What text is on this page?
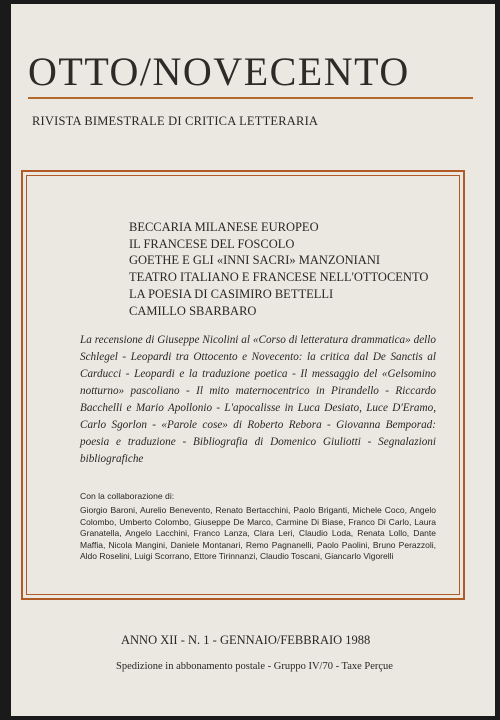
OTTO/NOVECENTO
RIVISTA BIMESTRALE DI CRITICA LETTERARIA
BECCARIA MILANESE EUROPEO
IL FRANCESE DEL FOSCOLO
GOETHE E GLI «INNI SACRI» MANZONIANI
TEATRO ITALIANO E FRANCESE NELL'OTTOCENTO
LA POESIA DI CASIMIRO BETTELLI
CAMILLO SBARBARO
La recensione di Giuseppe Nicolini al «Corso di letteratura drammatica» dello Schlegel - Leopardi tra Ottocento e Novecento: la critica dal De Sanctis al Carducci - Leopardi e la traduzione poetica - Il messaggio del «Gelsomino notturno» pascoliano - Il mito maternocentrico in Pirandello - Riccardo Bacchelli e Mario Apollonio - L'apocalisse in Luca Desiato, Luce D'Eramo, Carlo Sgorlon - «Parole cose» di Roberto Rebora - Giovanna Bemporad: poesia e traduzione - Bibliografia di Domenico Giuliotti - Segnalazioni bibliografiche
Con la collaborazione di:
Giorgio Baroni, Aurelio Benevento, Renato Bertacchini, Paolo Briganti, Michele Coco, Angelo Colombo, Umberto Colombo, Giuseppe De Marco, Carmine Di Biase, Franco Di Carlo, Laura Granatella, Angelo Lacchini, Franco Lanza, Clara Leri, Claudio Loda, Renata Lollo, Dante Maffia, Nicola Mangini, Daniele Montanari, Remo Pagnanelli, Paolo Paolini, Bruno Perazzoli, Aldo Roselini, Luigi Scorrano, Ettore Tirinnanzi, Claudio Toscani, Giancarlo Vigorelli
ANNO XII - N. 1 - GENNAIO/FEBBRAIO 1988
Spedizione in abbonamento postale - Gruppo IV/70 - Taxe Perçue
